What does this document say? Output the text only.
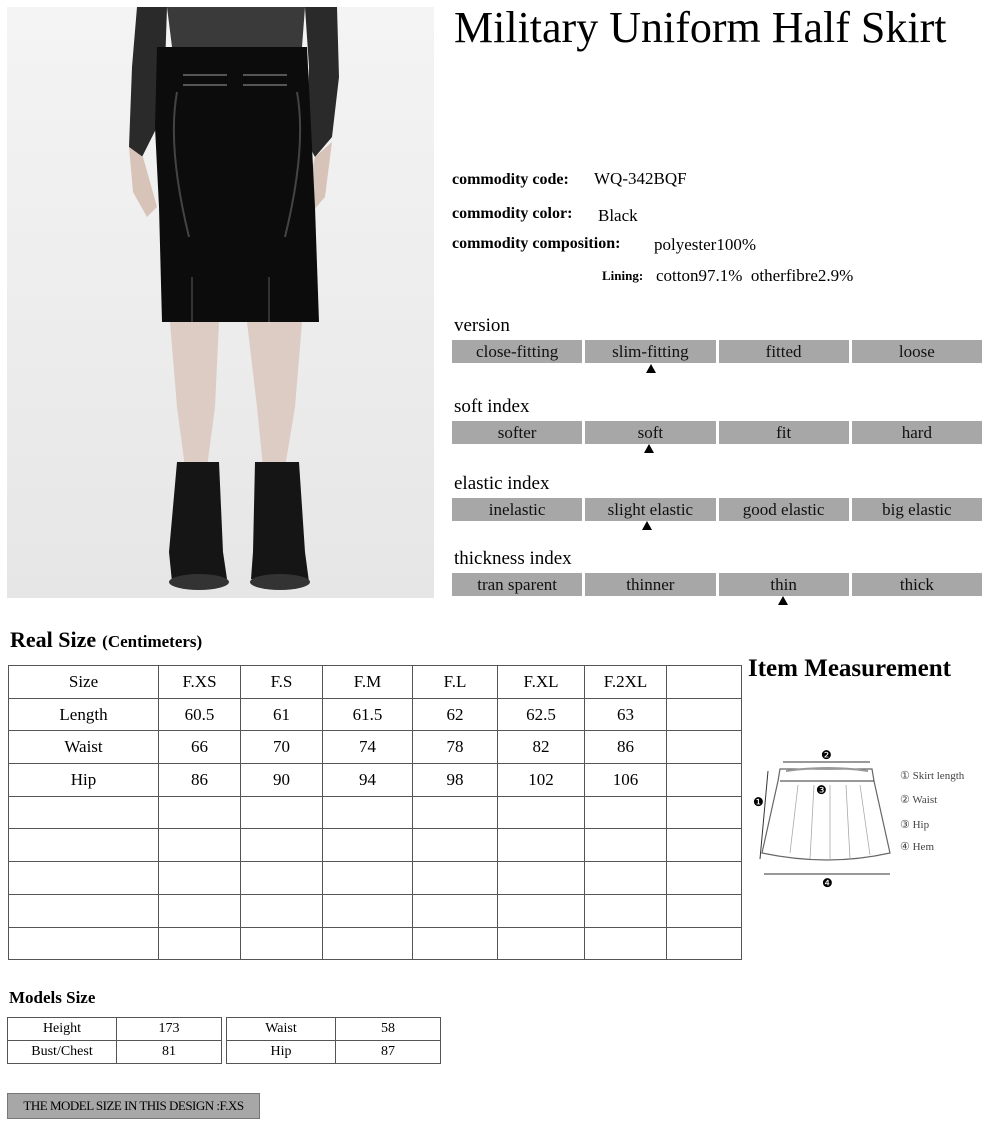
Military Uniform Half Skirt
commodity code: WQ-342BQF
commodity color: Black
commodity composition: polyester100%
Lining: cotton97.1%  otherfibre2.9%
version
close-fitting	slim-fitting	fitted	loose
soft index
softer	soft	fit	hard
elastic index
inelastic	slight elastic	good elastic	big elastic
thickness index
tran sparent	thinner	thin	thick
Real Size (Centimeters)
Size	F.XS	F.S	F.M	F.L	F.XL	F.2XL	
Length	60.5	61	61.5	62	62.5	63	
Waist	66	70	74	78	82	86	
Hip	86	90	94	98	102	106	

Models Size
Height	173
Bust/Chest	81
Waist	58
Hip	87
THE MODEL SIZE IN THIS DESIGN :F.XS
Item Measurement
❷
❸
❶
❹
① Skirt length
② Waist
③ Hip
④ Hem
